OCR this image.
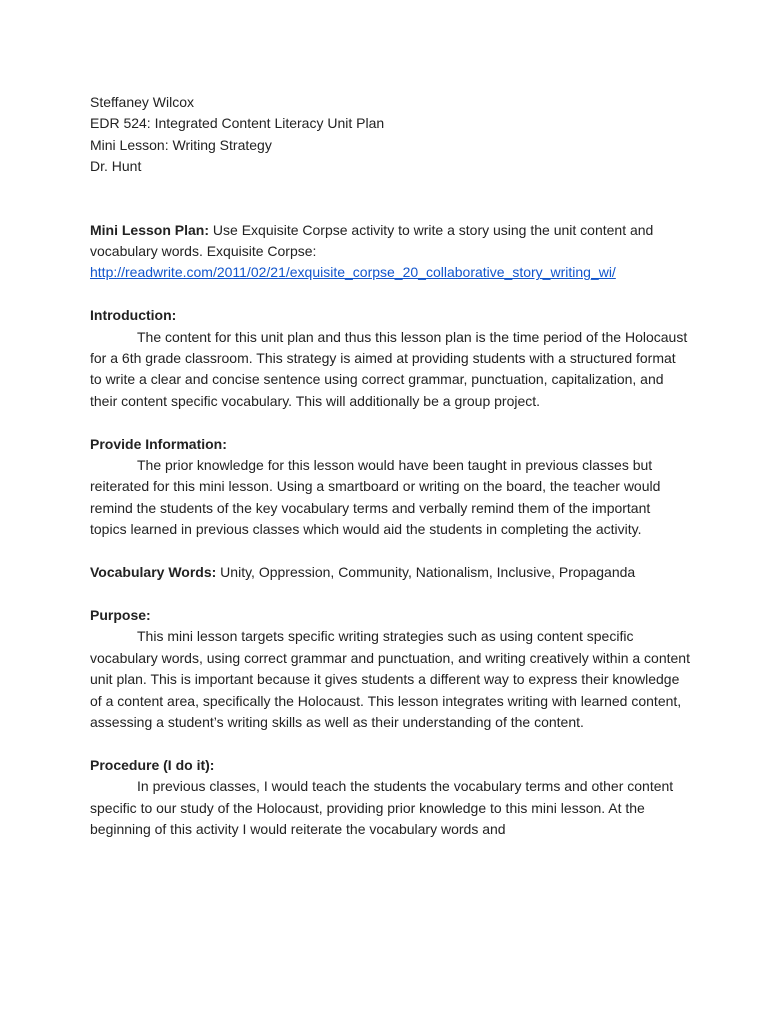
Steffaney Wilcox
EDR 524: Integrated Content Literacy Unit Plan
Mini Lesson: Writing Strategy
Dr. Hunt

Mini Lesson Plan: Use Exquisite Corpse activity to write a story using the unit content and vocabulary words. Exquisite Corpse:
http://readwrite.com/2011/02/21/exquisite_corpse_20_collaborative_story_writing_wi/

Introduction:

The content for this unit plan and thus this lesson plan is the time period of the Holocaust for a 6th grade classroom. This strategy is aimed at providing students with a structured format to write a clear and concise sentence using correct grammar, punctuation, capitalization, and their content specific vocabulary. This will additionally be a group project.

Provide Information:

The prior knowledge for this lesson would have been taught in previous classes but reiterated for this mini lesson. Using a smartboard or writing on the board, the teacher would remind the students of the key vocabulary terms and verbally remind them of the important topics learned in previous classes which would aid the students in completing the activity.

Vocabulary Words: Unity, Oppression, Community, Nationalism, Inclusive, Propaganda

Purpose:

This mini lesson targets specific writing strategies such as using content specific vocabulary words, using correct grammar and punctuation, and writing creatively within a content unit plan. This is important because it gives students a different way to express their knowledge of a content area, specifically the Holocaust. This lesson integrates writing with learned content, assessing a student’s writing skills as well as their understanding of the content.

Procedure (I do it):

In previous classes, I would teach the students the vocabulary terms and other content specific to our study of the Holocaust, providing prior knowledge to this mini lesson. At the beginning of this activity I would reiterate the vocabulary words and
